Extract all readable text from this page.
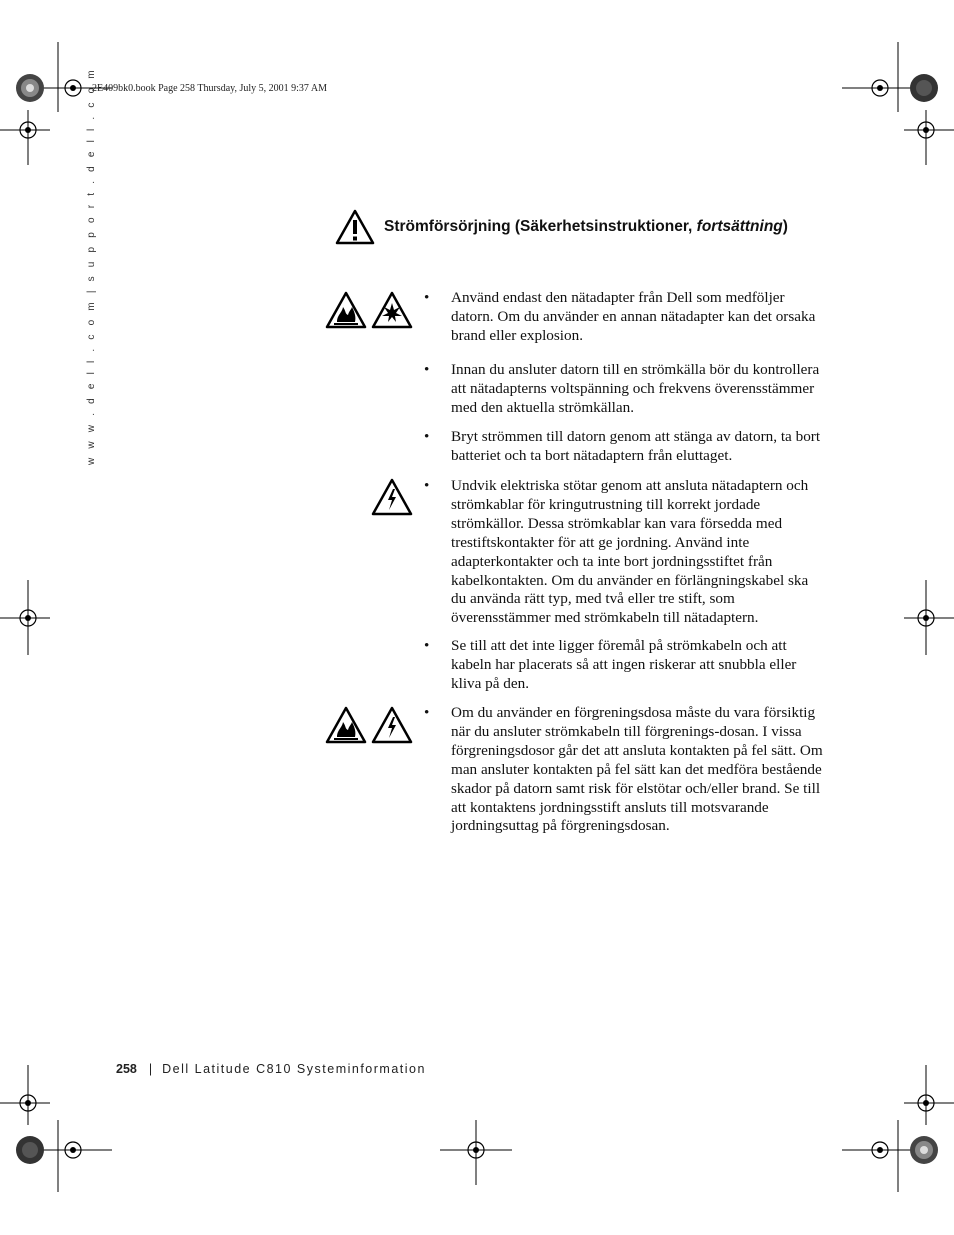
2E409bk0.book Page 258 Thursday, July 5, 2001 9:37 AM
w w w . d e l l . c o m | s u p p o r t . d e l l . c o m	Strömförsörjning (Säkerhetsinstruktioner, fortsättning)
• Använd endast den nätadapter från Dell som medföljer datorn. Om du använder en annan nätadapter kan det orsaka brand eller explosion.
• Innan du ansluter datorn till en strömkälla bör du kontrollera att nätadapterns voltspänning och frekvens överensstämmer med den aktuella strömkällan.
• Bryt strömmen till datorn genom att stänga av datorn, ta bort batteriet och ta bort nätadaptern från eluttaget.
• Undvik elektriska stötar genom att ansluta nätadaptern och strömkablar för kringutrustning till korrekt jordade strömkällor. Dessa strömkablar kan vara försedda med trestiftskontakter för att ge jordning. Använd inte adapterkontakter och ta inte bort jordningsstiftet från kabelkontakten. Om du använder en förlängningskabel ska du använda rätt typ, med två eller tre stift, som överensstämmer med strömkabeln till nätadaptern.
• Se till att det inte ligger föremål på strömkabeln och att kabeln har placerats så att ingen riskerar att snubbla eller kliva på den.
• Om du använder en förgreningsdosa måste du vara försiktig när du ansluter strömkabeln till förgrenings-dosan. I vissa förgreningsdosor går det att ansluta kontakten på fel sätt. Om man ansluter kontakten på fel sätt kan det medföra bestående skador på datorn samt risk för elstötar och/eller brand. Se till att kontaktens jordningsstift ansluts till motsvarande jordningsuttag på förgreningsdosan.
258 | Dell Latitude C810 Systeminformation
